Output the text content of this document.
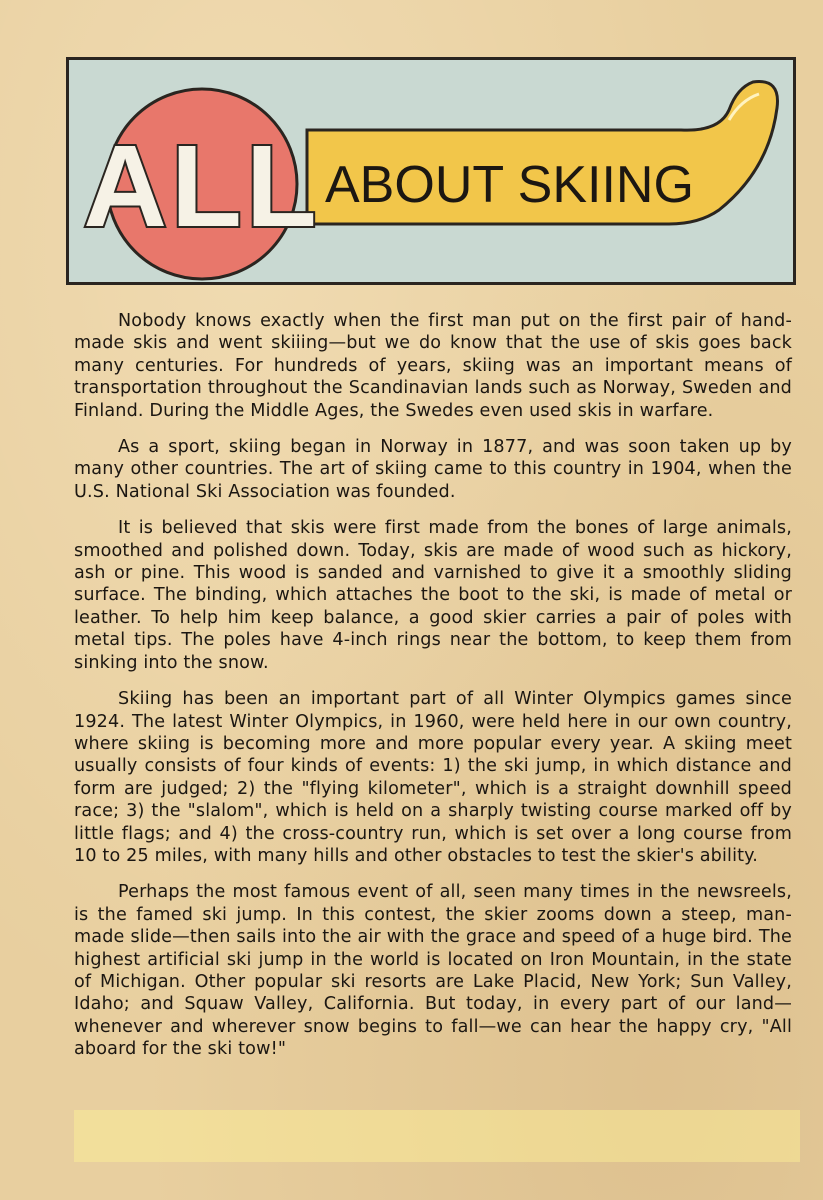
ALL ABOUT SKIING

Nobody knows exactly when the first man put on the first pair of hand-made skis and went skiiing—but we do know that the use of skis goes back many centuries. For hundreds of years, skiing was an important means of transportation throughout the Scandinavian lands such as Norway, Sweden and Finland. During the Middle Ages, the Swedes even used skis in warfare.

As a sport, skiing began in Norway in 1877, and was soon taken up by many other countries. The art of skiing came to this country in 1904, when the U.S. National Ski Association was founded.

It is believed that skis were first made from the bones of large animals, smoothed and polished down. Today, skis are made of wood such as hickory, ash or pine. This wood is sanded and varnished to give it a smoothly sliding surface. The binding, which attaches the boot to the ski, is made of metal or leather. To help him keep balance, a good skier carries a pair of poles with metal tips. The poles have 4-inch rings near the bottom, to keep them from sinking into the snow.

Skiing has been an important part of all Winter Olympics games since 1924. The latest Winter Olympics, in 1960, were held here in our own country, where skiing is becoming more and more popular every year. A skiing meet usually consists of four kinds of events: 1) the ski jump, in which distance and form are judged; 2) the "flying kilometer", which is a straight downhill speed race; 3) the "slalom", which is held on a sharply twisting course marked off by little flags; and 4) the cross-country run, which is set over a long course from 10 to 25 miles, with many hills and other obstacles to test the skier's ability.

Perhaps the most famous event of all, seen many times in the newsreels, is the famed ski jump. In this contest, the skier zooms down a steep, man-made slide—then sails into the air with the grace and speed of a huge bird. The highest artificial ski jump in the world is located on Iron Mountain, in the state of Michigan. Other popular ski resorts are Lake Placid, New York; Sun Valley, Idaho; and Squaw Valley, California. But today, in every part of our land—whenever and wherever snow begins to fall—we can hear the happy cry, "All aboard for the ski tow!"
